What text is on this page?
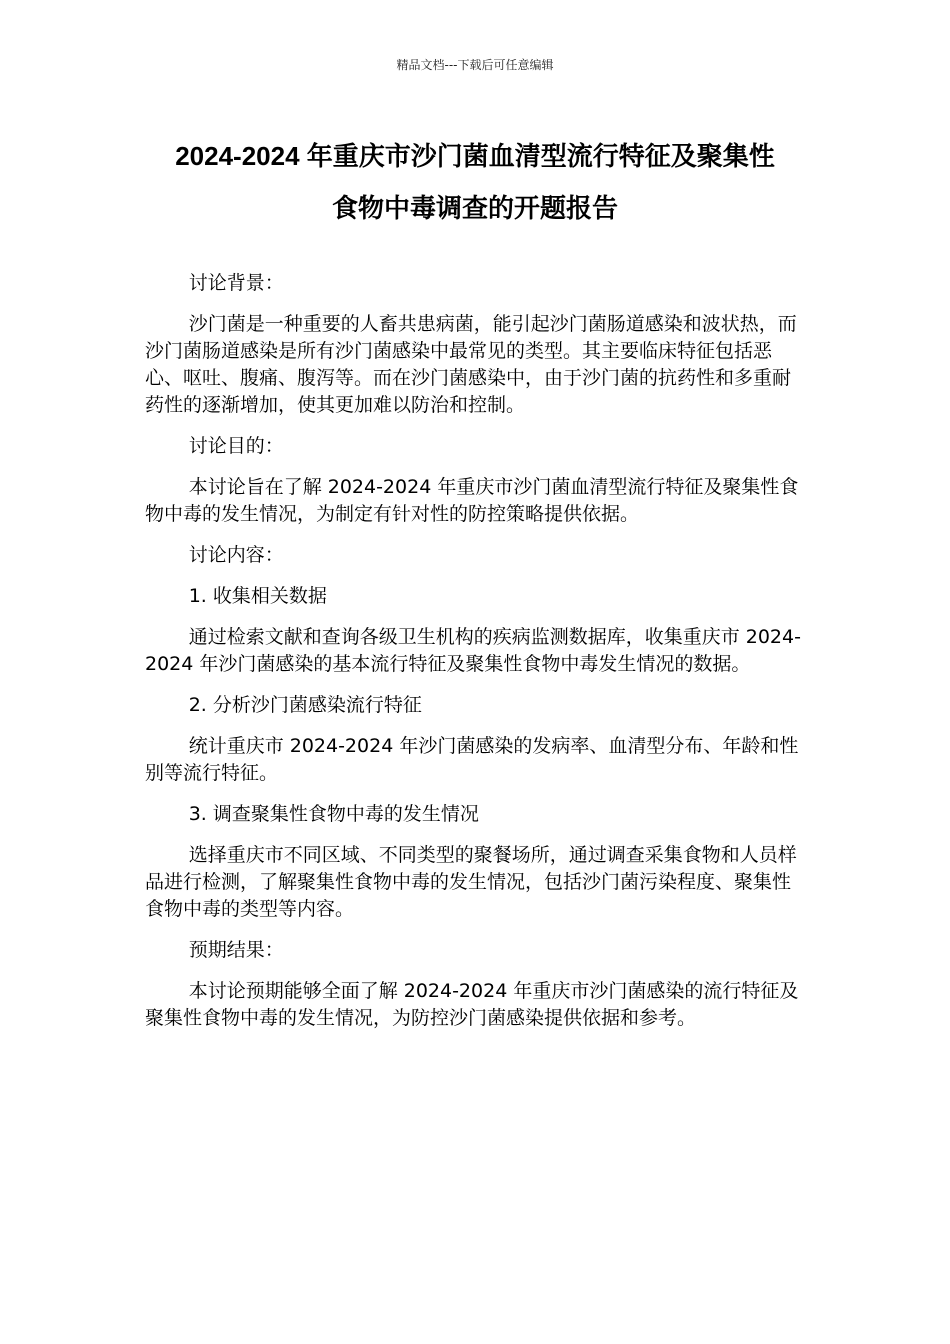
精品文档---下载后可任意编辑
2024-2024 年重庆市沙门菌血清型流行特征及聚集性
食物中毒调查的开题报告

讨论背景：

沙门菌是一种重要的人畜共患病菌，能引起沙门菌肠道感染和波状热，而沙门菌肠道感染是所有沙门菌感染中最常见的类型。其主要临床特征包括恶心、呕吐、腹痛、腹泻等。而在沙门菌感染中，由于沙门菌的抗药性和多重耐药性的逐渐增加，使其更加难以防治和控制。

讨论目的：

本讨论旨在了解 2024-2024 年重庆市沙门菌血清型流行特征及聚集性食物中毒的发生情况，为制定有针对性的防控策略提供依据。

讨论内容：

1. 收集相关数据

通过检索文献和查询各级卫生机构的疾病监测数据库，收集重庆市 2024-2024 年沙门菌感染的基本流行特征及聚集性食物中毒发生情况的数据。

2. 分析沙门菌感染流行特征

统计重庆市 2024-2024 年沙门菌感染的发病率、血清型分布、年龄和性别等流行特征。

3. 调查聚集性食物中毒的发生情况

选择重庆市不同区域、不同类型的聚餐场所，通过调查采集食物和人员样品进行检测，了解聚集性食物中毒的发生情况，包括沙门菌污染程度、聚集性食物中毒的类型等内容。

预期结果：

本讨论预期能够全面了解 2024-2024 年重庆市沙门菌感染的流行特征及聚集性食物中毒的发生情况，为防控沙门菌感染提供依据和参考。
